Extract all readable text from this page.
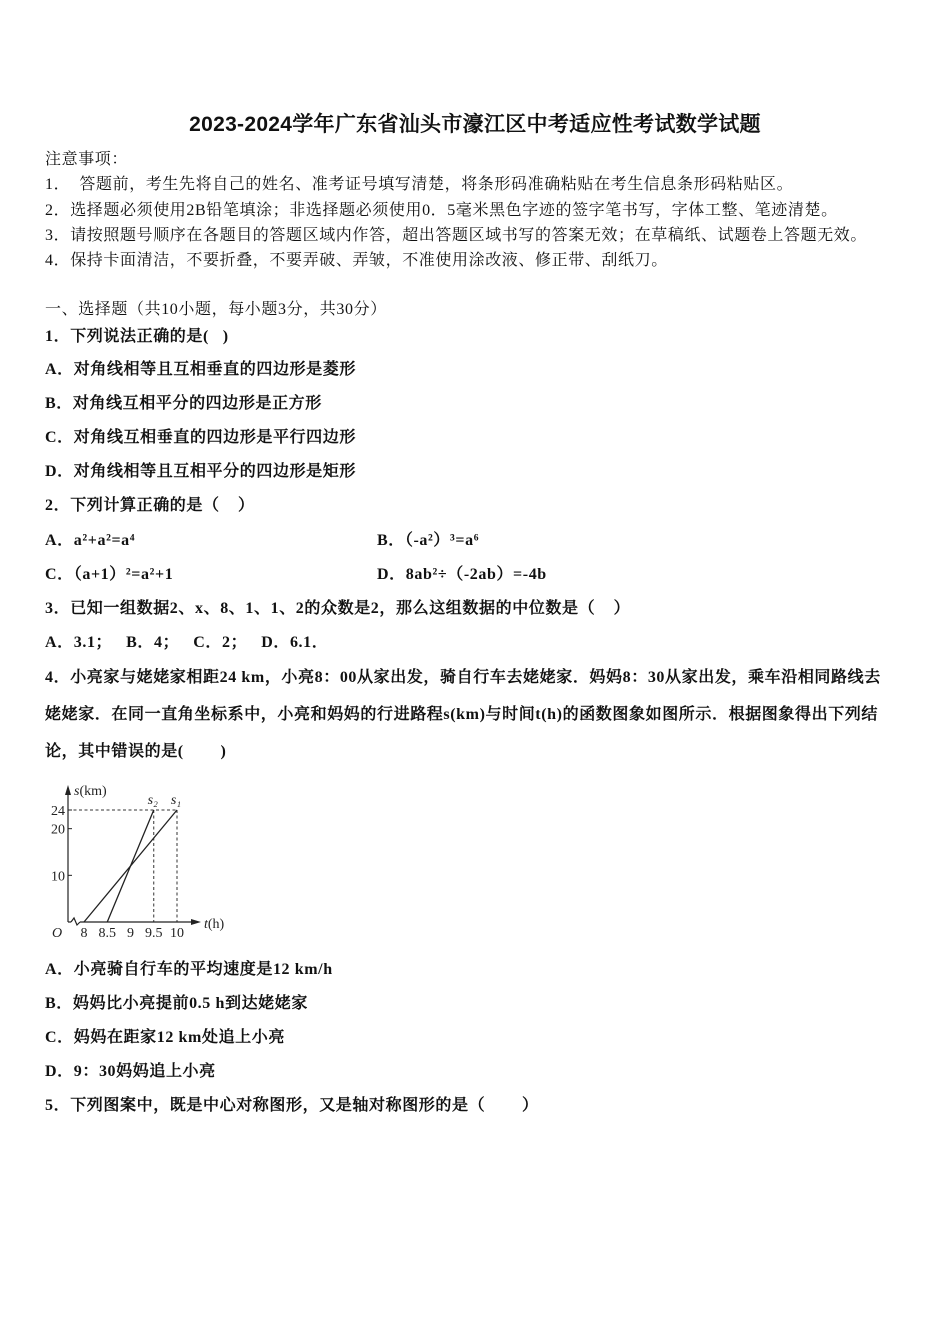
2023-2024学年广东省汕头市濠江区中考适应性考试数学试题
注意事项：
1．  答题前，考生先将自己的姓名、准考证号填写清楚，将条形码准确粘贴在考生信息条形码粘贴区。
2．选择题必须使用2B铅笔填涂；非选择题必须使用0．5毫米黑色字迹的签字笔书写，字体工整、笔迹清楚。
3．请按照题号顺序在各题目的答题区域内作答，超出答题区域书写的答案无效；在草稿纸、试题卷上答题无效。
4．保持卡面清洁，不要折叠，不要弄破、弄皱，不准使用涂改液、修正带、刮纸刀。
一、选择题（共10小题，每小题3分，共30分）
1．下列说法正确的是(   )
A．对角线相等且互相垂直的四边形是菱形
B．对角线互相平分的四边形是正方形
C．对角线互相垂直的四边形是平行四边形
D．对角线相等且互相平分的四边形是矩形
2．下列计算正确的是（    ）
A．a²+a²=a⁴	B．（-a²）³=a⁶
C．（a+1）²=a²+1	D．8ab²÷（-2ab）=-4b
3．已知一组数据2、x、8、1、1、2的众数是2，那么这组数据的中位数是（    ）
A．3.1； B．4； C．2； D．6.1．
4．小亮家与姥姥家相距24 km，小亮8：00从家出发，骑自行车去姥姥家．妈妈8：30从家出发，乘车沿相同路线去
姥姥家．在同一直角坐标系中，小亮和妈妈的行进路程s(km)与时间t(h)的函数图象如图所示．根据图象得出下列结
论，其中错误的是(        )
s(km)
t(h)
O
24
20
10
8 8.5 9 9.5 10
s₂ s₁
A．小亮骑自行车的平均速度是12 km/h
B．妈妈比小亮提前0.5 h到达姥姥家
C．妈妈在距家12 km处追上小亮
D．9：30妈妈追上小亮
5．下列图案中，既是中心对称图形，又是轴对称图形的是（        ）
